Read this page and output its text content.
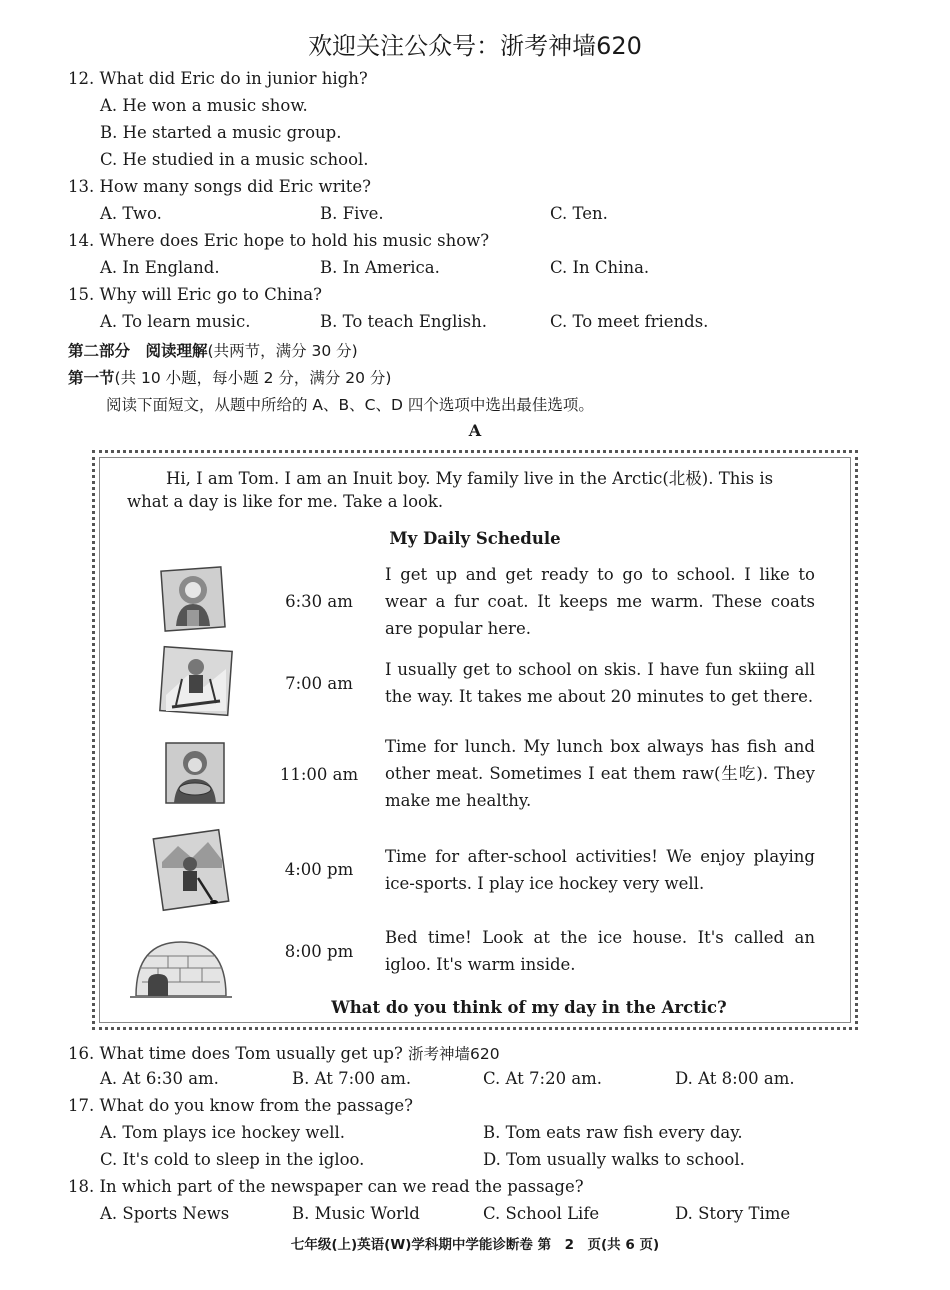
欢迎关注公众号：浙考神墙620
12. What did Eric do in junior high?
A. He won a music show.
B. He started a music group.
C. He studied in a music school.
13. How many songs did Eric write?
A. Two.	B. Five.	C. Ten.
14. Where does Eric hope to hold his music show?
A. In England.	B. In America.	C. In China.
15. Why will Eric go to China?
A. To learn music.	B. To teach English.	C. To meet friends.
第二部分　阅读理解(共两节，满分 30 分)
第一节(共 10 小题，每小题 2 分，满分 20 分)
阅读下面短文，从题中所给的 A、B、C、D 四个选项中选出最佳选项。
A
Hi, I am Tom. I am an Inuit boy. My family live in the Arctic(北极). This is
what a day is like for me. Take a look.
My Daily Schedule
6:30 am
I get up and get ready to go to school. I like to wear a fur coat. It keeps me warm. These coats are popular here.
7:00 am
I usually get to school on skis. I have fun skiing all the way. It takes me about 20 minutes to get there.
11:00 am
Time for lunch. My lunch box always has fish and other meat. Sometimes I eat them raw(生吃). They make me healthy.
4:00 pm
Time for after-school activities! We enjoy playing ice-sports. I play ice hockey very well.
8:00 pm
Bed time! Look at the ice house. It's called an igloo. It's warm inside.
What do you think of my day in the Arctic?
16. What time does Tom usually get up? 浙考神墙620
A. At 6:30 am.	B. At 7:00 am.	C. At 7:20 am.	D. At 8:00 am.
17. What do you know from the passage?
A. Tom plays ice hockey well.	B. Tom eats raw fish every day.
C. It's cold to sleep in the igloo.	D. Tom usually walks to school.
18. In which part of the newspaper can we read the passage?
A. Sports News	B. Music World	C. School Life	D. Story Time
七年级(上)英语(W)学科期中学能诊断卷 第　2　页(共 6 页)
